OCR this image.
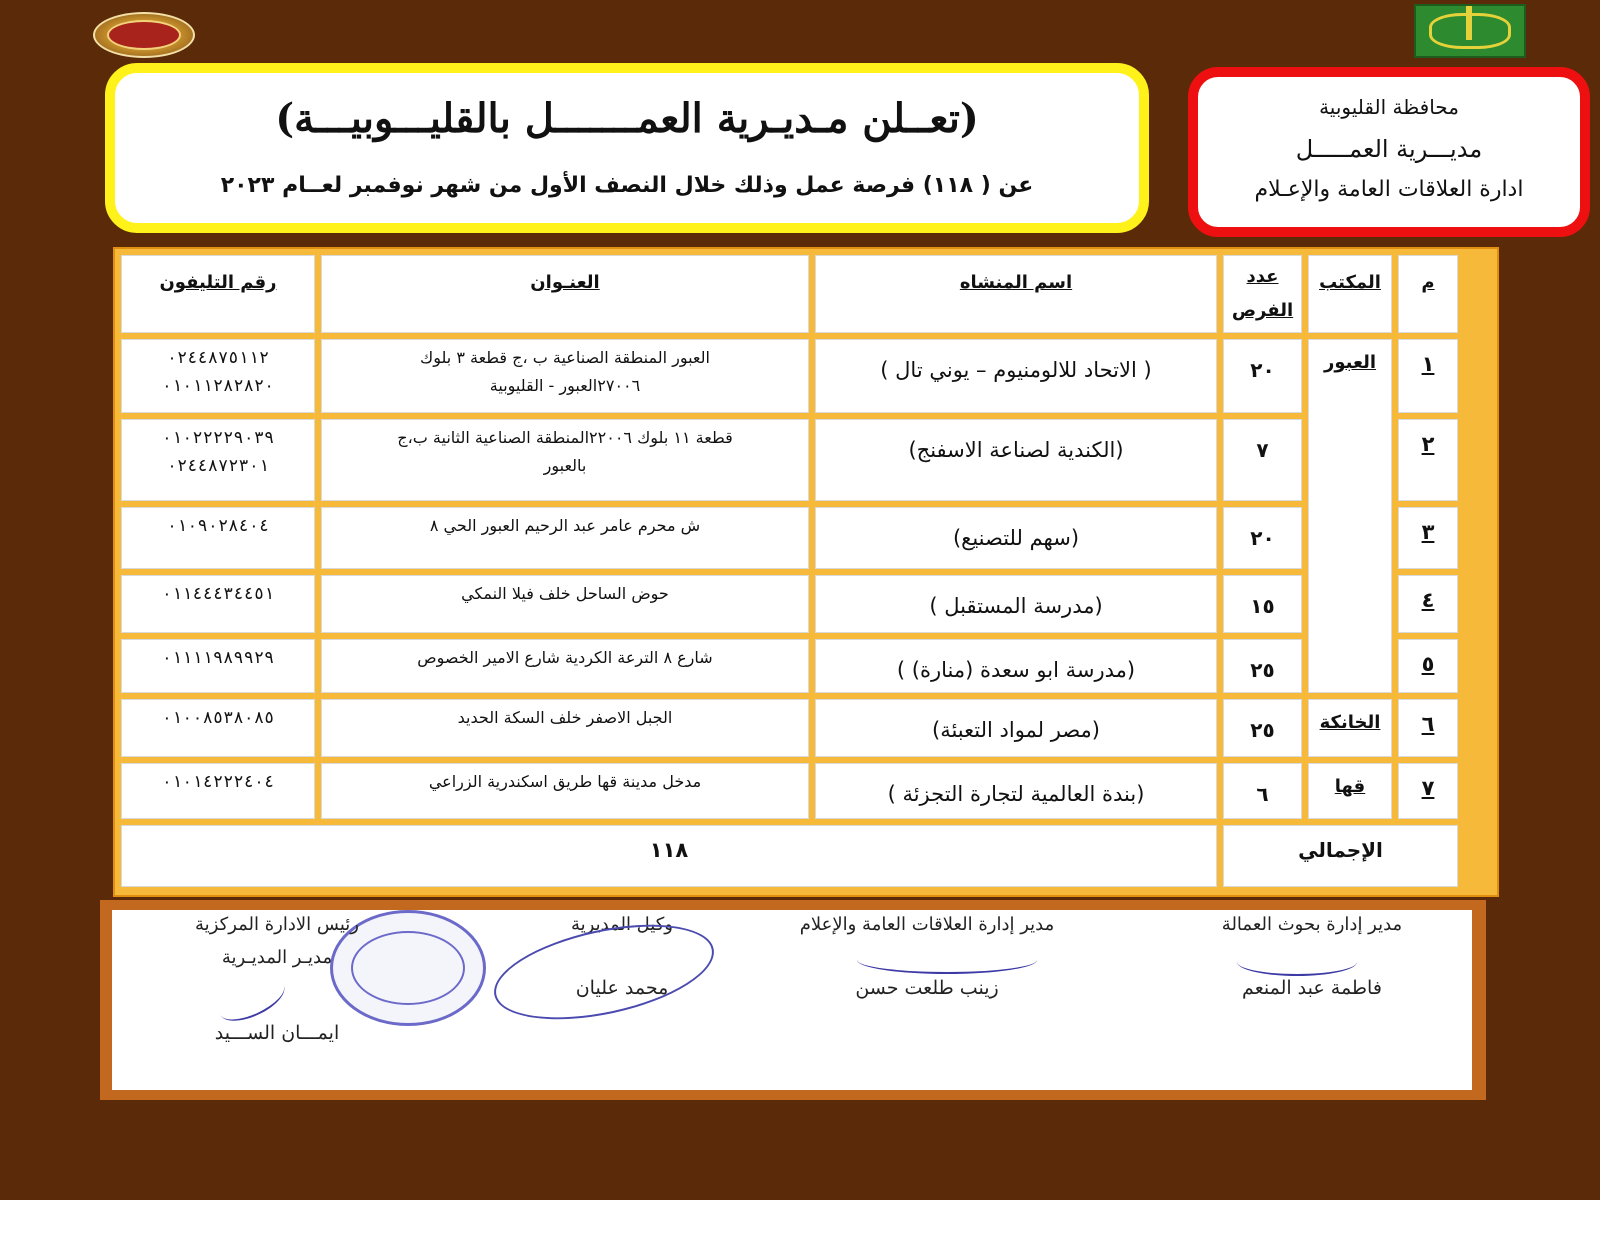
(تعــلن مـديـرية العمـــــــل بالقليـــوبيـــة)
عن ( ١١٨) فرصة عمل وذلك خلال النصف الأول من شهر نوفمبر لعــام ٢٠٢٣
محافظة القليوبية
مديـــرية العمـــــل
ادارة العلاقات العامة والإعـلام
م
المكتب
عدد
الفرص
اسم المنشاه
العنـوان
رقم التليفون
العبور
الخانكة
قها
١
٢٠
( الاتحاد للالومنيوم – يوني تال )
العبور المنطقة الصناعية ب ،ج قطعة ٣ بلوك
٢٧٠٠٦العبور - القليوبية
٠٢٤٤٨٧٥١١٢
٠١٠١١٢٨٢٨٢٠
٢
٧
(الكندية لصناعة الاسفنج)
قطعة ١١ بلوك ٢٢٠٠٦المنطقة الصناعية الثانية ب،ج
بالعبور
٠١٠٢٢٢٢٩٠٣٩
٠٢٤٤٨٧٢٣٠١
٣
٢٠
(سهم للتصنيع)
ش محرم عامر عبد الرحيم العبور الحي ٨
٠١٠٩٠٢٨٤٠٤
٤
١٥
(مدرسة المستقبل )
حوض الساحل خلف فيلا النمكي
٠١١٤٤٤٣٤٤٥١
٥
٢٥
(مدرسة ابو سعدة (منارة) )
شارع ٨ الترعة الكردية شارع الامير الخصوص
٠١١١١٩٨٩٩٢٩
٦
٢٥
(مصر لمواد التعبئة)
الجبل الاصفر خلف السكة الحديد
٠١٠٠٨٥٣٨٠٨٥
٧
٦
(بندة العالمية لتجارة التجزئة )
مدخل مدينة قها طريق اسكندرية الزراعي
٠١٠١٤٢٢٢٤٠٤
الإجمالي
١١٨
مدير إدارة بحوث العمالة
فاطمة عبد المنعم
مدير إدارة العلاقات العامة والإعلام
زينب طلعت حسن
وكيل المديرية
محمد عليان
رئيس الادارة المركزية
مديـر المديـرية
ايمـــان الســـيد
